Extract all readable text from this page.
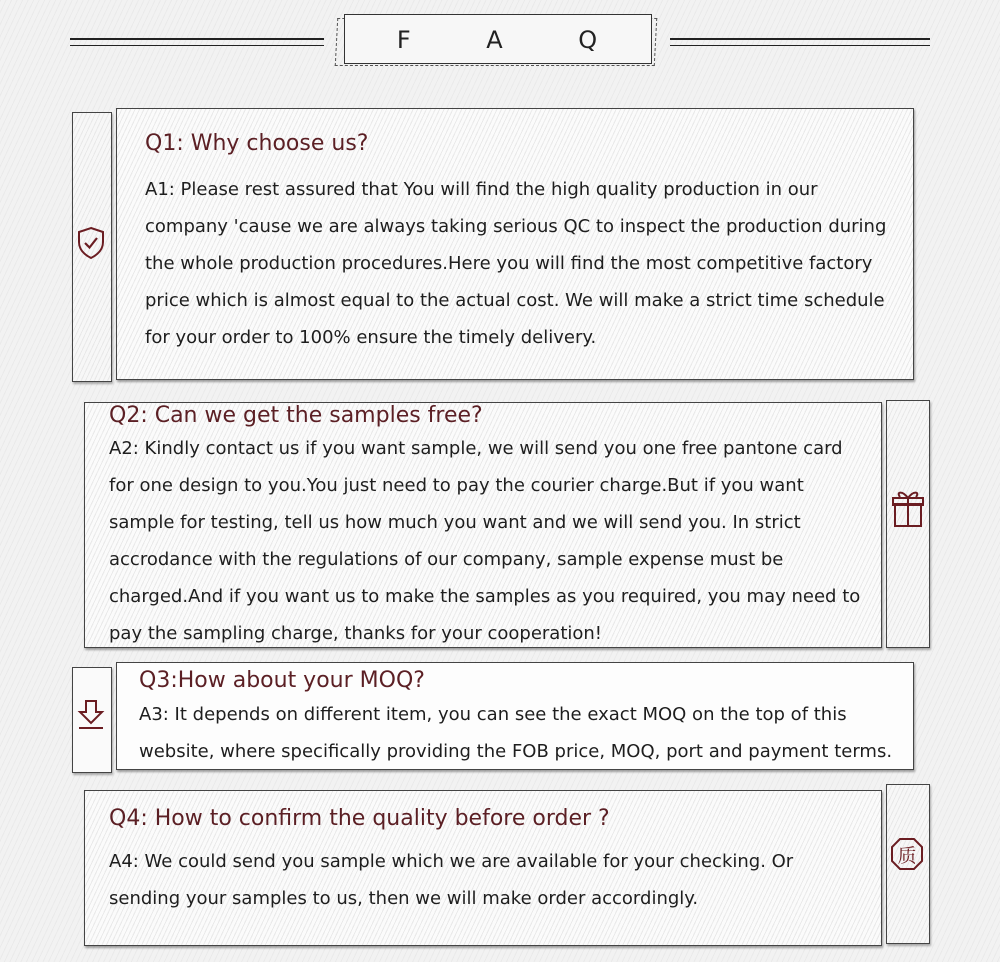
F A Q
Q1: Why choose us?

A1: Please rest assured that You will find the high quality production in our company 'cause we are always taking serious QC to inspect the production during the whole production procedures.Here you will find the most competitive factory price which is almost equal to the actual cost. We will make a strict time schedule for your order to 100% ensure the timely delivery.

Q2: Can we get the samples free?

A2: Kindly contact us if you want sample, we will send you one free pantone card for one design to you.You just need to pay the courier charge.But if you want sample for testing, tell us how much you want and we will send you. In strict accrodance with the regulations of our company, sample expense must be charged.And if you want us to make the samples as you required, you may need to pay the sampling charge, thanks for your cooperation!

Q3:How about your MOQ?

A3: It depends on different item, you can see the exact MOQ on the top of this website, where specifically providing the FOB price, MOQ, port and payment terms.

质
Q4: How to confirm the quality before order ?

A4: We could send you sample which we are available for your checking. Or sending your samples to us, then we will make order accordingly.
